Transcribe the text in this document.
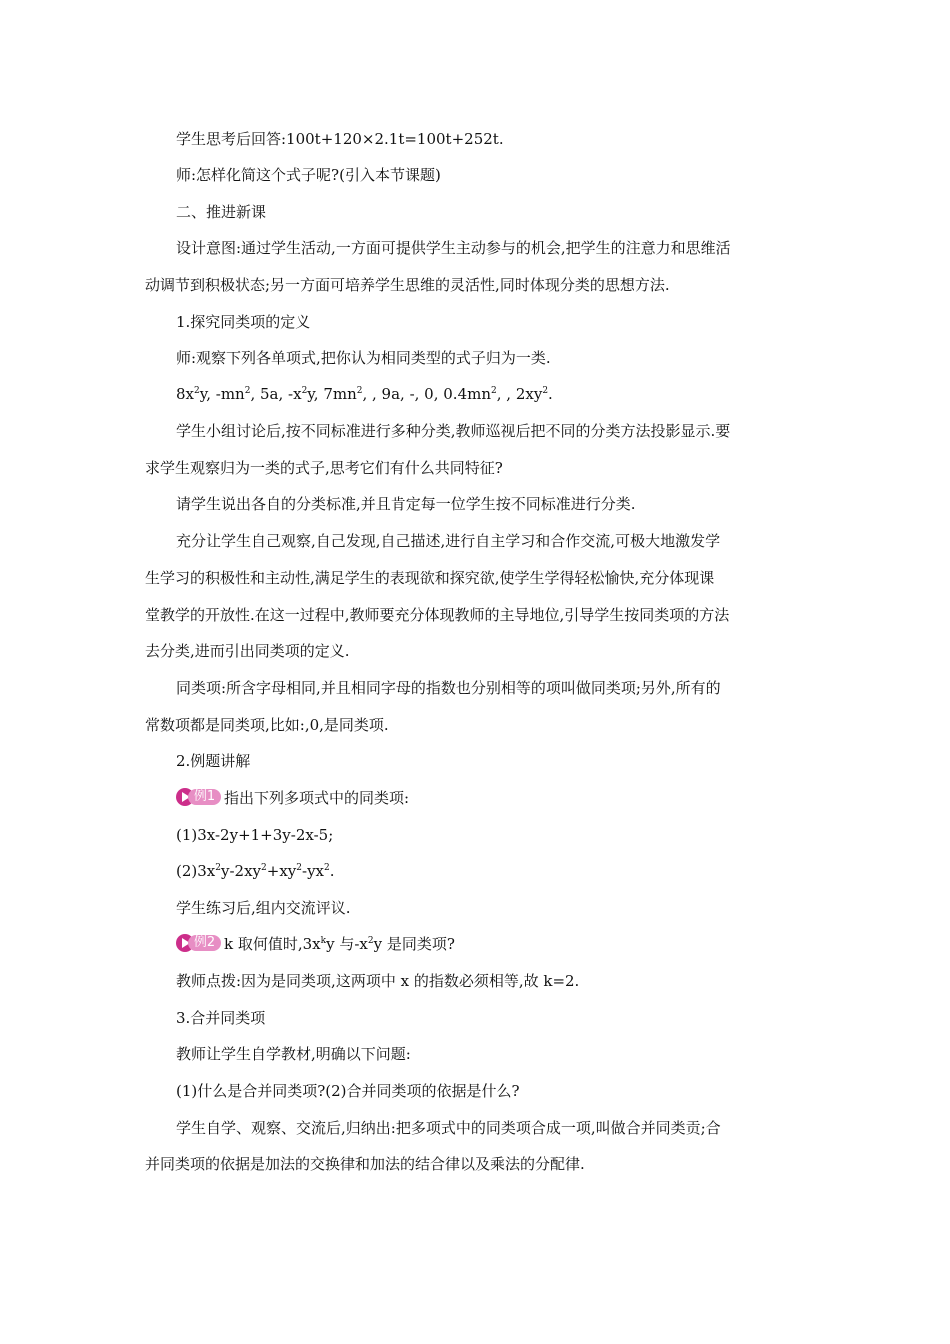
学生思考后回答:100t+120×2.1t=100t+252t.
师:怎样化简这个式子呢?(引入本节课题)
二、推进新课
设计意图:通过学生活动,一方面可提供学生主动参与的机会,把学生的注意力和思维活
动调节到积极状态;另一方面可培养学生思维的灵活性,同时体现分类的思想方法.
1.探究同类项的定义
师:观察下列各单项式,把你认为相同类型的式子归为一类.
$8x^2y$, $-mn^2$, 5a, $-x^2y$, $7mn^2$, , 9a, -, 0, $0.4mn^2$, , $2xy^2$.
学生小组讨论后,按不同标准进行多种分类,教师巡视后把不同的分类方法投影显示.要
求学生观察归为一类的式子,思考它们有什么共同特征?
请学生说出各自的分类标准,并且肯定每一位学生按不同标准进行分类.
充分让学生自己观察,自己发现,自己描述,进行自主学习和合作交流,可极大地激发学
生学习的积极性和主动性,满足学生的表现欲和探究欲,使学生学得轻松愉快,充分体现课
堂教学的开放性.在这一过程中,教师要充分体现教师的主导地位,引导学生按同类项的方法
去分类,进而引出同类项的定义.
同类项:所含字母相同,并且相同字母的指数也分别相等的项叫做同类项;另外,所有的
常数项都是同类项,比如:,0,是同类项.
2.例题讲解
例1 指出下列多项式中的同类项:
(1)3x-2y+1+3y-2x-5;
$(2)3x^2y-2xy^2+xy^2-yx^2$.
学生练习后,组内交流评议.
例2 k 取何值时$,3x^ky$ 与$-x^2y$ 是同类项?
教师点拨:因为是同类项,这两项中 x 的指数必须相等,故 k=2.
3.合并同类项
教师让学生自学教材,明确以下问题:
(1)什么是合并同类项?(2)合并同类项的依据是什么?
学生自学、观察、交流后,归纳出:把多项式中的同类项合成一项,叫做合并同类贡;合
并同类项的依据是加法的交换律和加法的结合律以及乘法的分配律.
